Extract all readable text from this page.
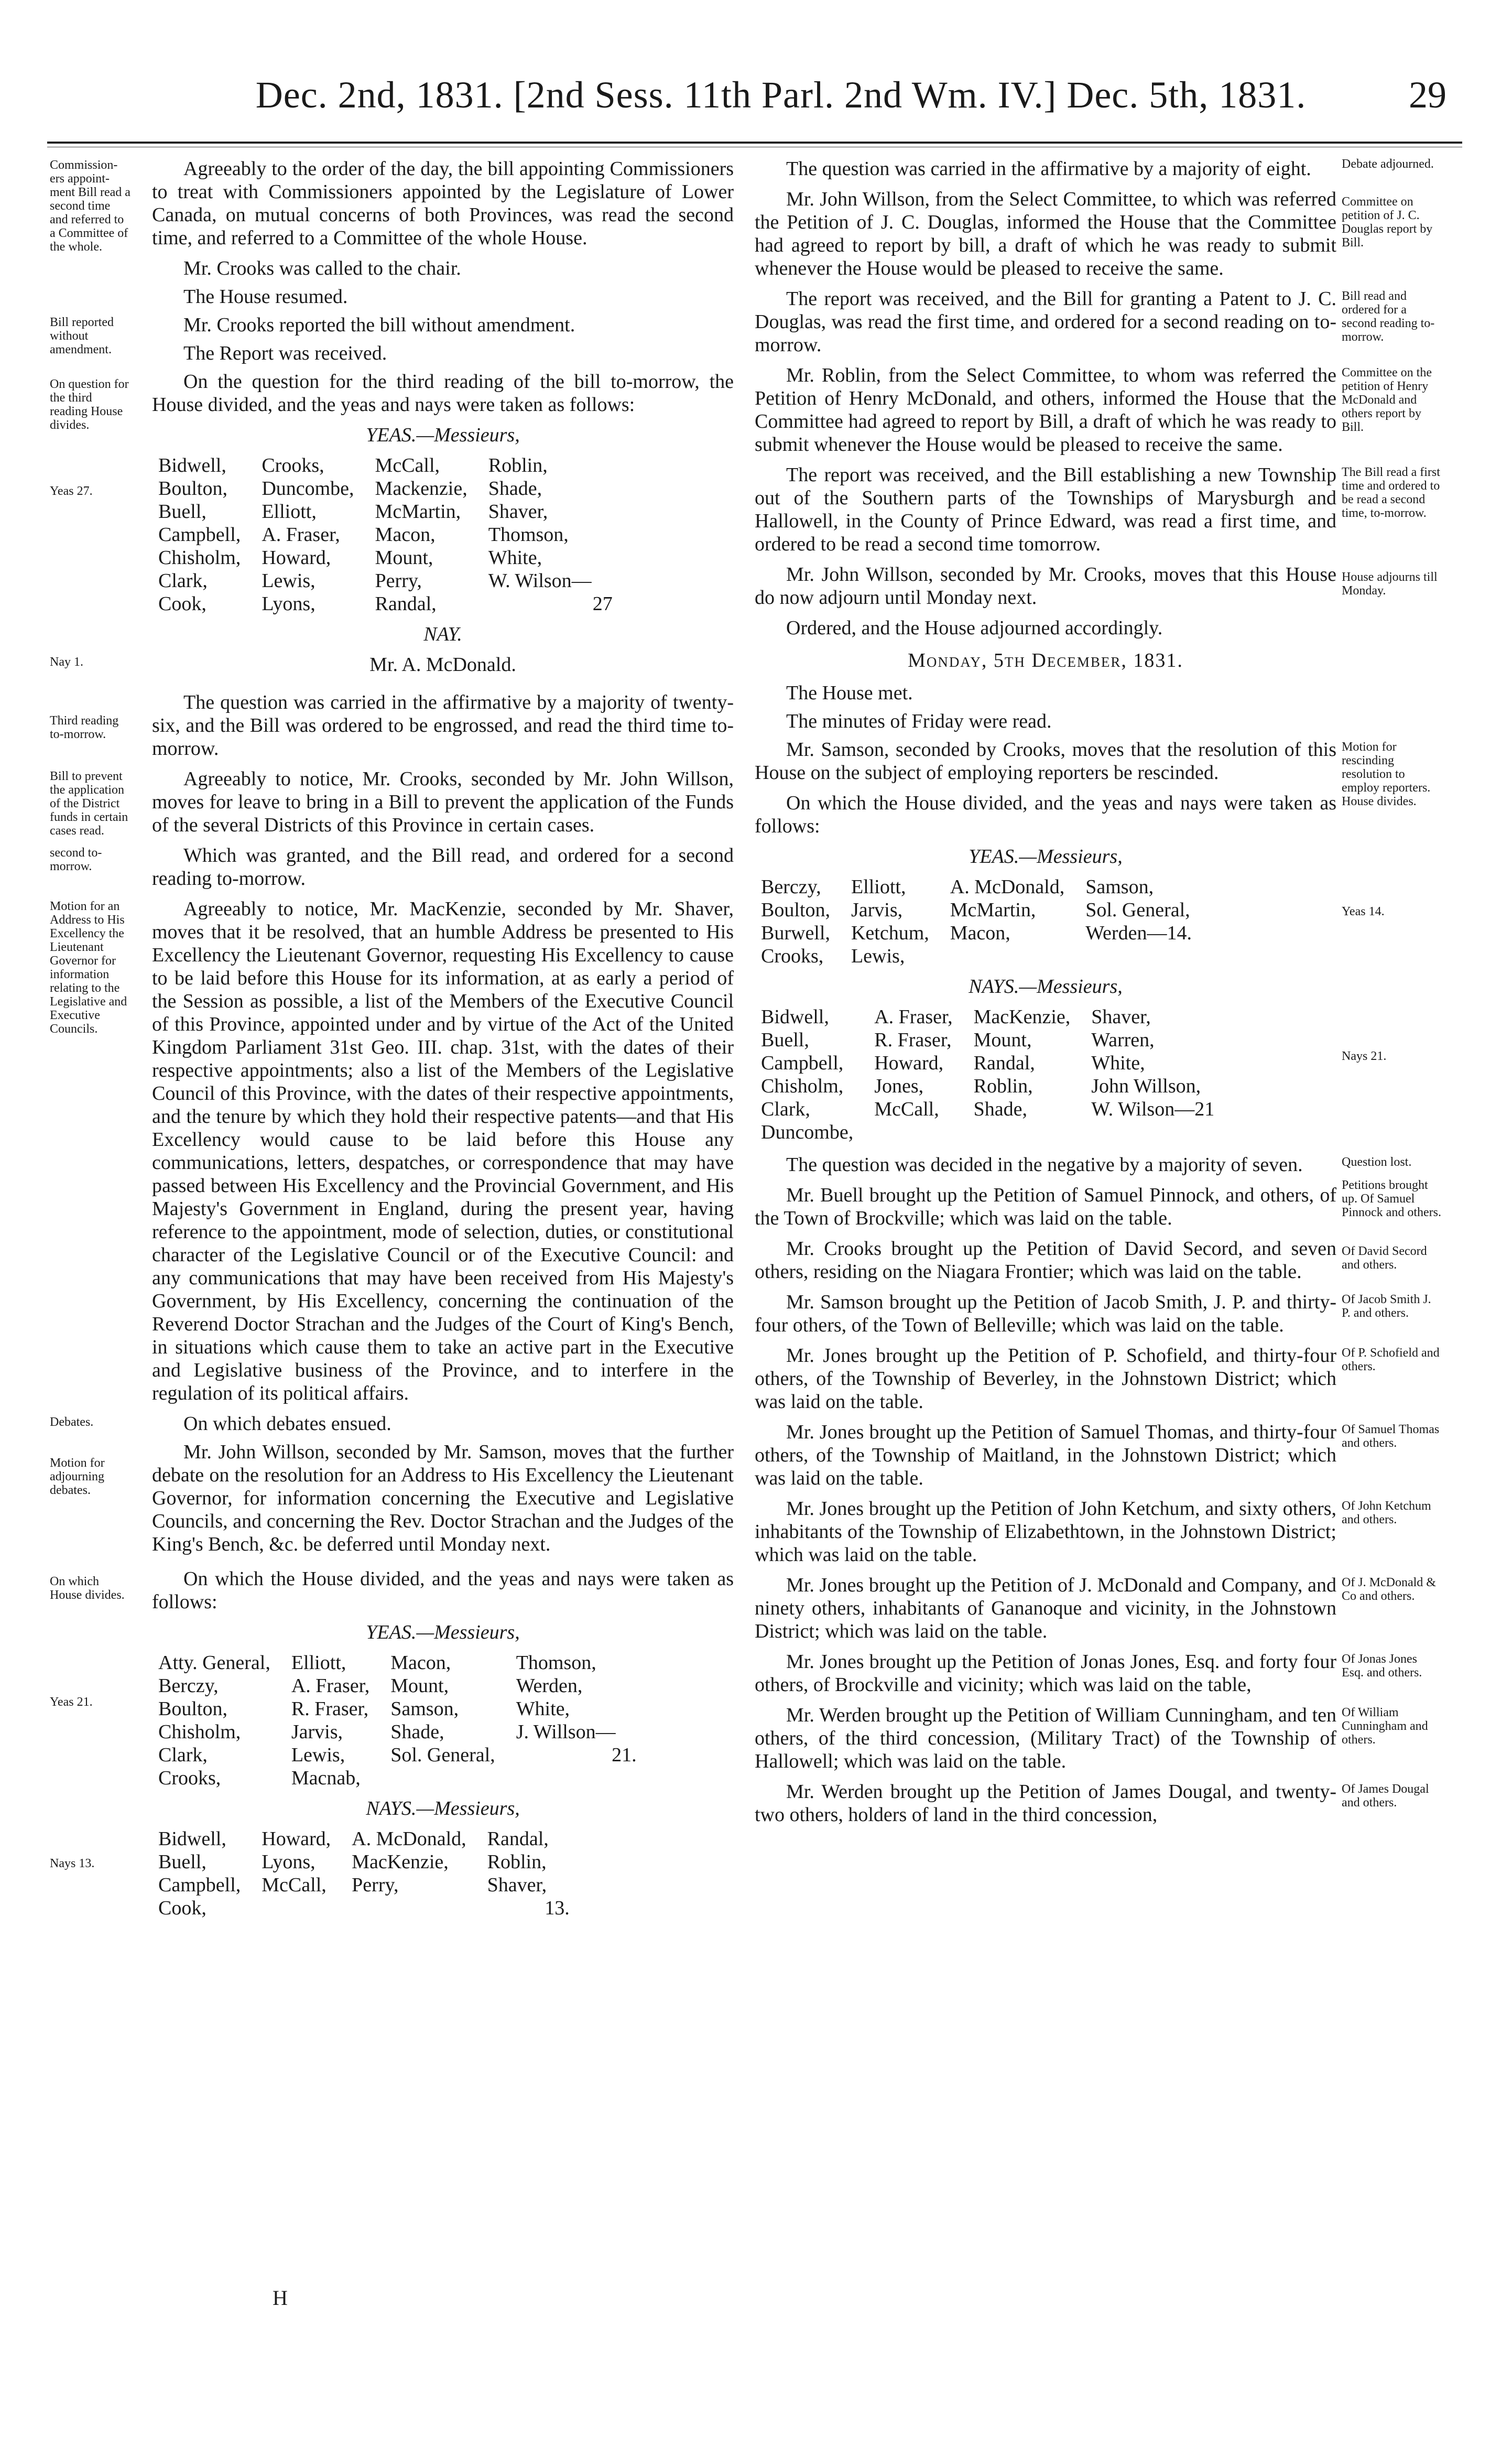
Dec. 2nd, 1831. [2nd Sess. 11th Parl. 2nd Wm. IV.] Dec. 5th, 1831.	29

Commission-ers appoint-ment Bill read a second time and referred to a Committee of the whole.
Agreeably to the order of the day, the bill appointing Commissioners to treat with Commissioners appointed by the Legislature of Lower Canada, on mutual concerns of both Provinces, was read the second time, and referred to a Committee of the whole House.

Mr. Crooks was called to the chair.

The House resumed.

Bill reported without amendment.
Mr. Crooks reported the bill without amendment.

The Report was received.

On question for the third reading House divides.
On the question for the third reading of the bill to-morrow, the House divided, and the yeas and nays were taken as follows:

YEAS.—Messieurs,
Bidwell,	Crooks,	McCall,	Roblin,
Boulton,	Duncombe,	Mackenzie,	Shade,
Buell,	Elliott,	McMartin,	Shaver,
Campbell,	A. Fraser,	Macon,	Thomson,
Chisholm,	Howard,	Mount,	White,
Clark,	Lewis,	Perry,	W. Wilson—
Cook,	Lyons,	Randal,	27
Yeas 27.
NAY.

Nay 1.	Mr. A. McDonald.

Third reading to-morrow.
The question was carried in the affirmative by a majority of twenty-six, and the Bill was ordered to be engrossed, and read the third time to-morrow.

Bill to prevent the application of the District funds in certain cases read.
Agreeably to notice, Mr. Crooks, seconded by Mr. John Willson, moves for leave to bring in a Bill to prevent the application of the Funds of the several Districts of this Province in certain cases.

second to-morrow.	Which was granted, and the Bill read, and ordered for a second reading to-morrow.

Motion for an Address to His Excellency the Lieutenant Governor for information relating to the Legislative and Executive Councils.
Agreeably to notice, Mr. MacKenzie, seconded by Mr. Shaver, moves that it be resolved, that an humble Address be presented to His Excellency the Lieutenant Governor, requesting His Excellency to cause to be laid before this House for its information, at as early a period of the Session as possible, a list of the Members of the Executive Council of this Province, appointed under and by virtue of the Act of the United Kingdom Parliament 31st Geo. III. chap. 31st, with the dates of their respective appointments; also a list of the Members of the Legislative Council of this Province, with the dates of their respective appointments, and the tenure by which they hold their respective patents—and that His Excellency would cause to be laid before this House any communications, letters, despatches, or correspondence that may have passed between His Excellency and the Provincial Government, and His Majesty's Government in England, during the present year, having reference to the appointment, mode of selection, duties, or constitutional character of the Legislative Council or of the Executive Council: and any communications that may have been received from His Majesty's Government, by His Excellency, concerning the continuation of the Reverend Doctor Strachan and the Judges of the Court of King's Bench, in situations which cause them to take an active part in the Executive and Legislative business of the Province, and to interfere in the regulation of its political affairs.

Debates.	On which debates ensued.

Motion for adjourning debates.
Mr. John Willson, seconded by Mr. Samson, moves that the further debate on the resolution for an Address to His Excellency the Lieutenant Governor, for information concerning the Executive and Legislative Councils, and concerning the Rev. Doctor Strachan and the Judges of the King's Bench, &c. be deferred until Monday next.

On which House divides.
On which the House divided, and the yeas and nays were taken as follows:

YEAS.—Messieurs,
Atty. General,	Elliott,	Macon,	Thomson,
Berczy,	A. Fraser,	Mount,	Werden,
Boulton,	R. Fraser,	Samson,	White,
Chisholm,	Jarvis,	Shade,	J. Willson—
Clark,	Lewis,	Sol. General,	21.
Crooks,	Macnab,		
Yeas 21.
NAYS.—Messieurs,
Bidwell,	Howard,	A. McDonald,	Randal,
Buell,	Lyons,	MacKenzie,	Roblin,
Campbell,	McCall,	Perry,	Shaver,
Cook,			13.
Nays 13.

Debate adjourned.
The question was carried in the affirmative by a majority of eight.

Committee on petition of J. C. Douglas report by Bill.
Mr. John Willson, from the Select Committee, to which was referred the Petition of J. C. Douglas, informed the House that the Committee had agreed to report by bill, a draft of which he was ready to submit whenever the House would be pleased to receive the same.

Bill read and ordered for a second reading to-morrow.
The report was received, and the Bill for granting a Patent to J. C. Douglas, was read the first time, and ordered for a second reading on to-morrow.

Committee on the petition of Henry McDonald and others report by Bill.
Mr. Roblin, from the Select Committee, to whom was referred the Petition of Henry McDonald, and others, informed the House that the Committee had agreed to report by Bill, a draft of which he was ready to submit whenever the House would be pleased to receive the same.

The Bill read a first time and ordered to be read a second time, to-morrow.
The report was received, and the Bill establishing a new Township out of the Southern parts of the Townships of Marysburgh and Hallowell, in the County of Prince Edward, was read a first time, and ordered to be read a second time tomorrow.

House adjourns till Monday.
Mr. John Willson, seconded by Mr. Crooks, moves that this House do now adjourn until Monday next.

Ordered, and the House adjourned accordingly.

Monday, 5th December, 1831.

The House met.

The minutes of Friday were read.

Motion for rescinding resolution to employ reporters.
Mr. Samson, seconded by Crooks, moves that the resolution of this House on the subject of employing reporters be rescinded.

House divides.
On which the House divided, and the yeas and nays were taken as follows:

YEAS.—Messieurs,
Berczy,	Elliott,	A. McDonald,	Samson,
Boulton,	Jarvis,	McMartin,	Sol. General,
Burwell,	Ketchum,	Macon,	Werden—14.
Crooks,	Lewis,		
Yeas 14.
NAYS.—Messieurs,
Bidwell,	A. Fraser,	MacKenzie,	Shaver,
Buell,	R. Fraser,	Mount,	Warren,
Campbell,	Howard,	Randal,	White,
Chisholm,	Jones,	Roblin,	John Willson,
Clark,	McCall,	Shade,	W. Wilson—21
Duncombe,			
Nays 21.

Question lost.
The question was decided in the negative by a majority of seven.

Petitions brought up. Of Samuel Pinnock and others.
Mr. Buell brought up the Petition of Samuel Pinnock, and others, of the Town of Brockville; which was laid on the table.

Of David Secord and others.
Mr. Crooks brought up the Petition of David Secord, and seven others, residing on the Niagara Frontier; which was laid on the table.

Of Jacob Smith J. P. and others.
Mr. Samson brought up the Petition of Jacob Smith, J. P. and thirty-four others, of the Town of Belleville; which was laid on the table.

Of P. Schofield and others.
Mr. Jones brought up the Petition of P. Schofield, and thirty-four others, of the Township of Beverley, in the Johnstown District; which was laid on the table.

Of Samuel Thomas and others.
Mr. Jones brought up the Petition of Samuel Thomas, and thirty-four others, of the Township of Maitland, in the Johnstown District; which was laid on the table.

Of John Ketchum and others.
Mr. Jones brought up the Petition of John Ketchum, and sixty others, inhabitants of the Township of Elizabethtown, in the Johnstown District; which was laid on the table.

Of J. McDonald & Co and others.
Mr. Jones brought up the Petition of J. McDonald and Company, and ninety others, inhabitants of Gananoque and vicinity, in the Johnstown District; which was laid on the table.

Of Jonas Jones Esq. and others.
Mr. Jones brought up the Petition of Jonas Jones, Esq. and forty four others, of Brockville and vicinity; which was laid on the table,

Of William Cunningham and others.
Mr. Werden brought up the Petition of William Cunningham, and ten others, of the third concession, (Military Tract) of the Township of Hallowell; which was laid on the table.

Of James Dougal and others.
Mr. Werden brought up the Petition of James Dougal, and twenty-two others, holders of land in the third concession,

H
